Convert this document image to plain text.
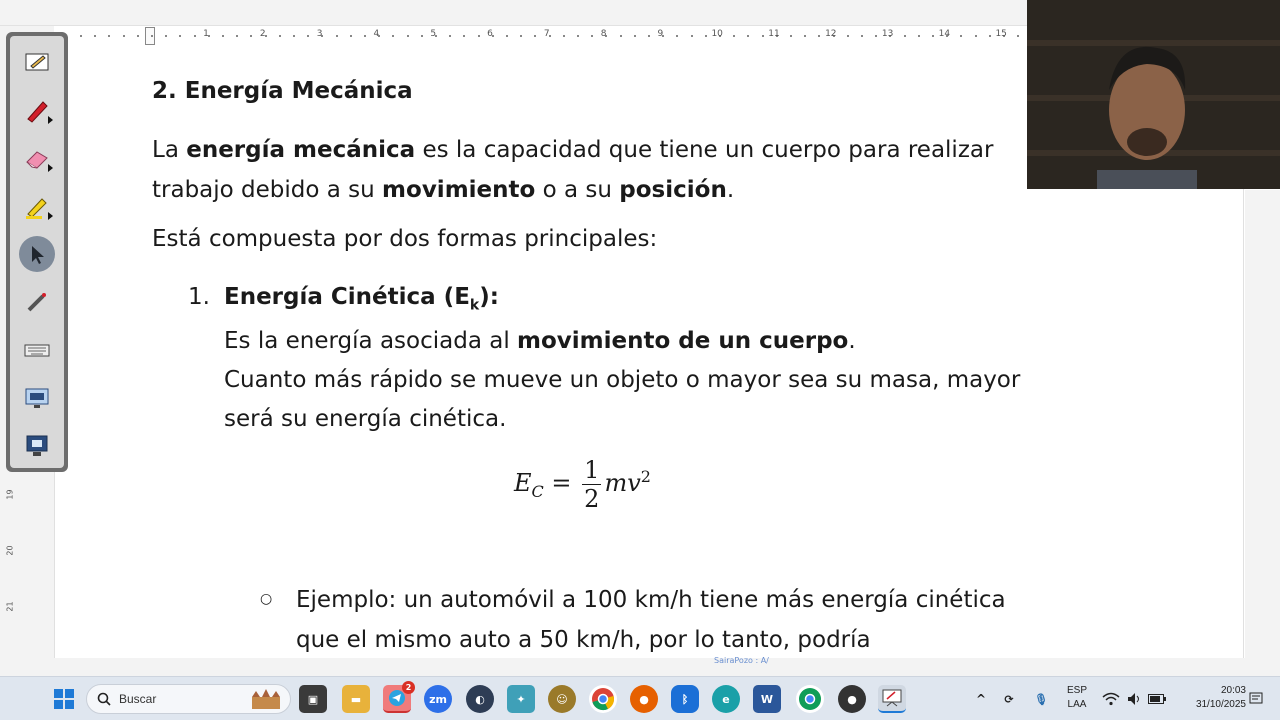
1	2	3	4	5	6	7	8	9	10	11	12	13	14	15
19
20
21
2. Energía Mecánica
La energía mecánica es la capacidad que tiene un cuerpo para realizar trabajo debido a su movimiento o a su posición.
Está compuesta por dos formas principales:
1. Energía Cinética $(E_k)$:
Es la energía asociada al movimiento de un cuerpo.
Cuanto más rápido se mueve un objeto o mayor sea su masa, mayor será su energía cinética.
$E_C = \frac{1}{2} mv^2$
○ Ejemplo: un automóvil a 100 km/h tiene más energía cinética que el mismo auto a 50 km/h, por lo tanto, podría
SairaPozo : A/
Buscar	▣	▬
2
zm	◐	✦	☺	●	ᛒ	e	W	●	^	⟳	🎙
ESP
LAA
20:03
31/10/2025
